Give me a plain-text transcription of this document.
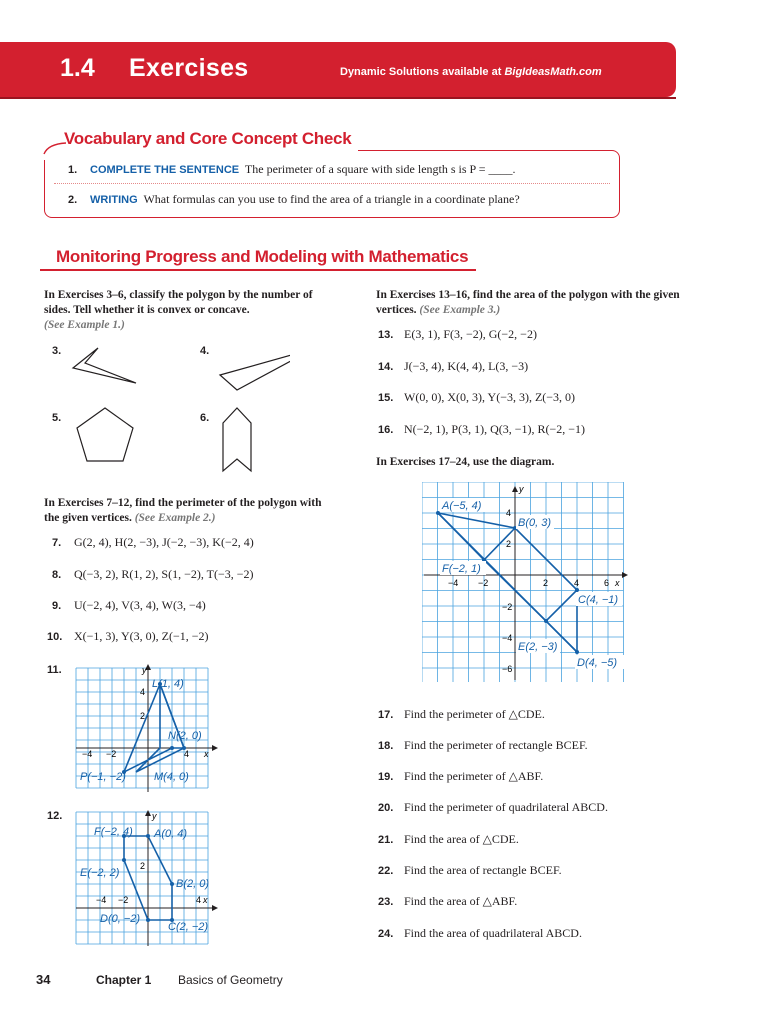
1.4 Exercises	Dynamic Solutions available at BigIdeasMath.com
Vocabulary and Core Concept Check
1. COMPLETE THE SENTENCE The perimeter of a square with side length s is P = ____.
2. WRITING What formulas can you use to find the area of a triangle in a coordinate plane?
Monitoring Progress and Modeling with Mathematics
In Exercises 3–6, classify the polygon by the number of sides. Tell whether it is convex or concave.
(See Example 1.)
3.	4.
5.	6.
In Exercises 7–12, find the perimeter of the polygon with the given vertices. (See Example 2.)
7. G(2, 4), H(2, −3), J(−2, −3), K(−2, 4)
8. Q(−3, 2), R(1, 2), S(1, −2), T(−3, −2)
9. U(−2, 4), V(3, 4), W(3, −4)
10. X(−1, 3), Y(3, 0), Z(−1, −2)
11.
12.
L(1, 4)
N(2, 0)
P(−1, −2)	M(4, 0)
4
2
−4 −2	4 x
y
F(−2, 4) A(0, 4)
E(−2, 2)
B(2, 0)
D(0, −2)
C(2, −2)
2
−4 −2	4 x
y
In Exercises 13–16, find the area of the polygon with the given vertices. (See Example 3.)
13. E(3, 1), F(3, −2), G(−2, −2)
14. J(−3, 4), K(4, 4), L(3, −3)
15. W(0, 0), X(0, 3), Y(−3, 3), Z(−3, 0)
16. N(−2, 1), P(3, 1), Q(3, −1), R(−2, −1)
In Exercises 17–24, use the diagram.
A(−5, 4)
B(0, 3)
F(−2, 1)
C(4, −1)
E(2, −3)
D(4, −5)
4
2
−2
−4
−6
−4 −2	2	4	6 x
y
17. Find the perimeter of △CDE.
18. Find the perimeter of rectangle BCEF.
19. Find the perimeter of △ABF.
20. Find the perimeter of quadrilateral ABCD.
21. Find the area of △CDE.
22. Find the area of rectangle BCEF.
23. Find the area of △ABF.
24. Find the area of quadrilateral ABCD.
34	Chapter 1 Basics of Geometry
